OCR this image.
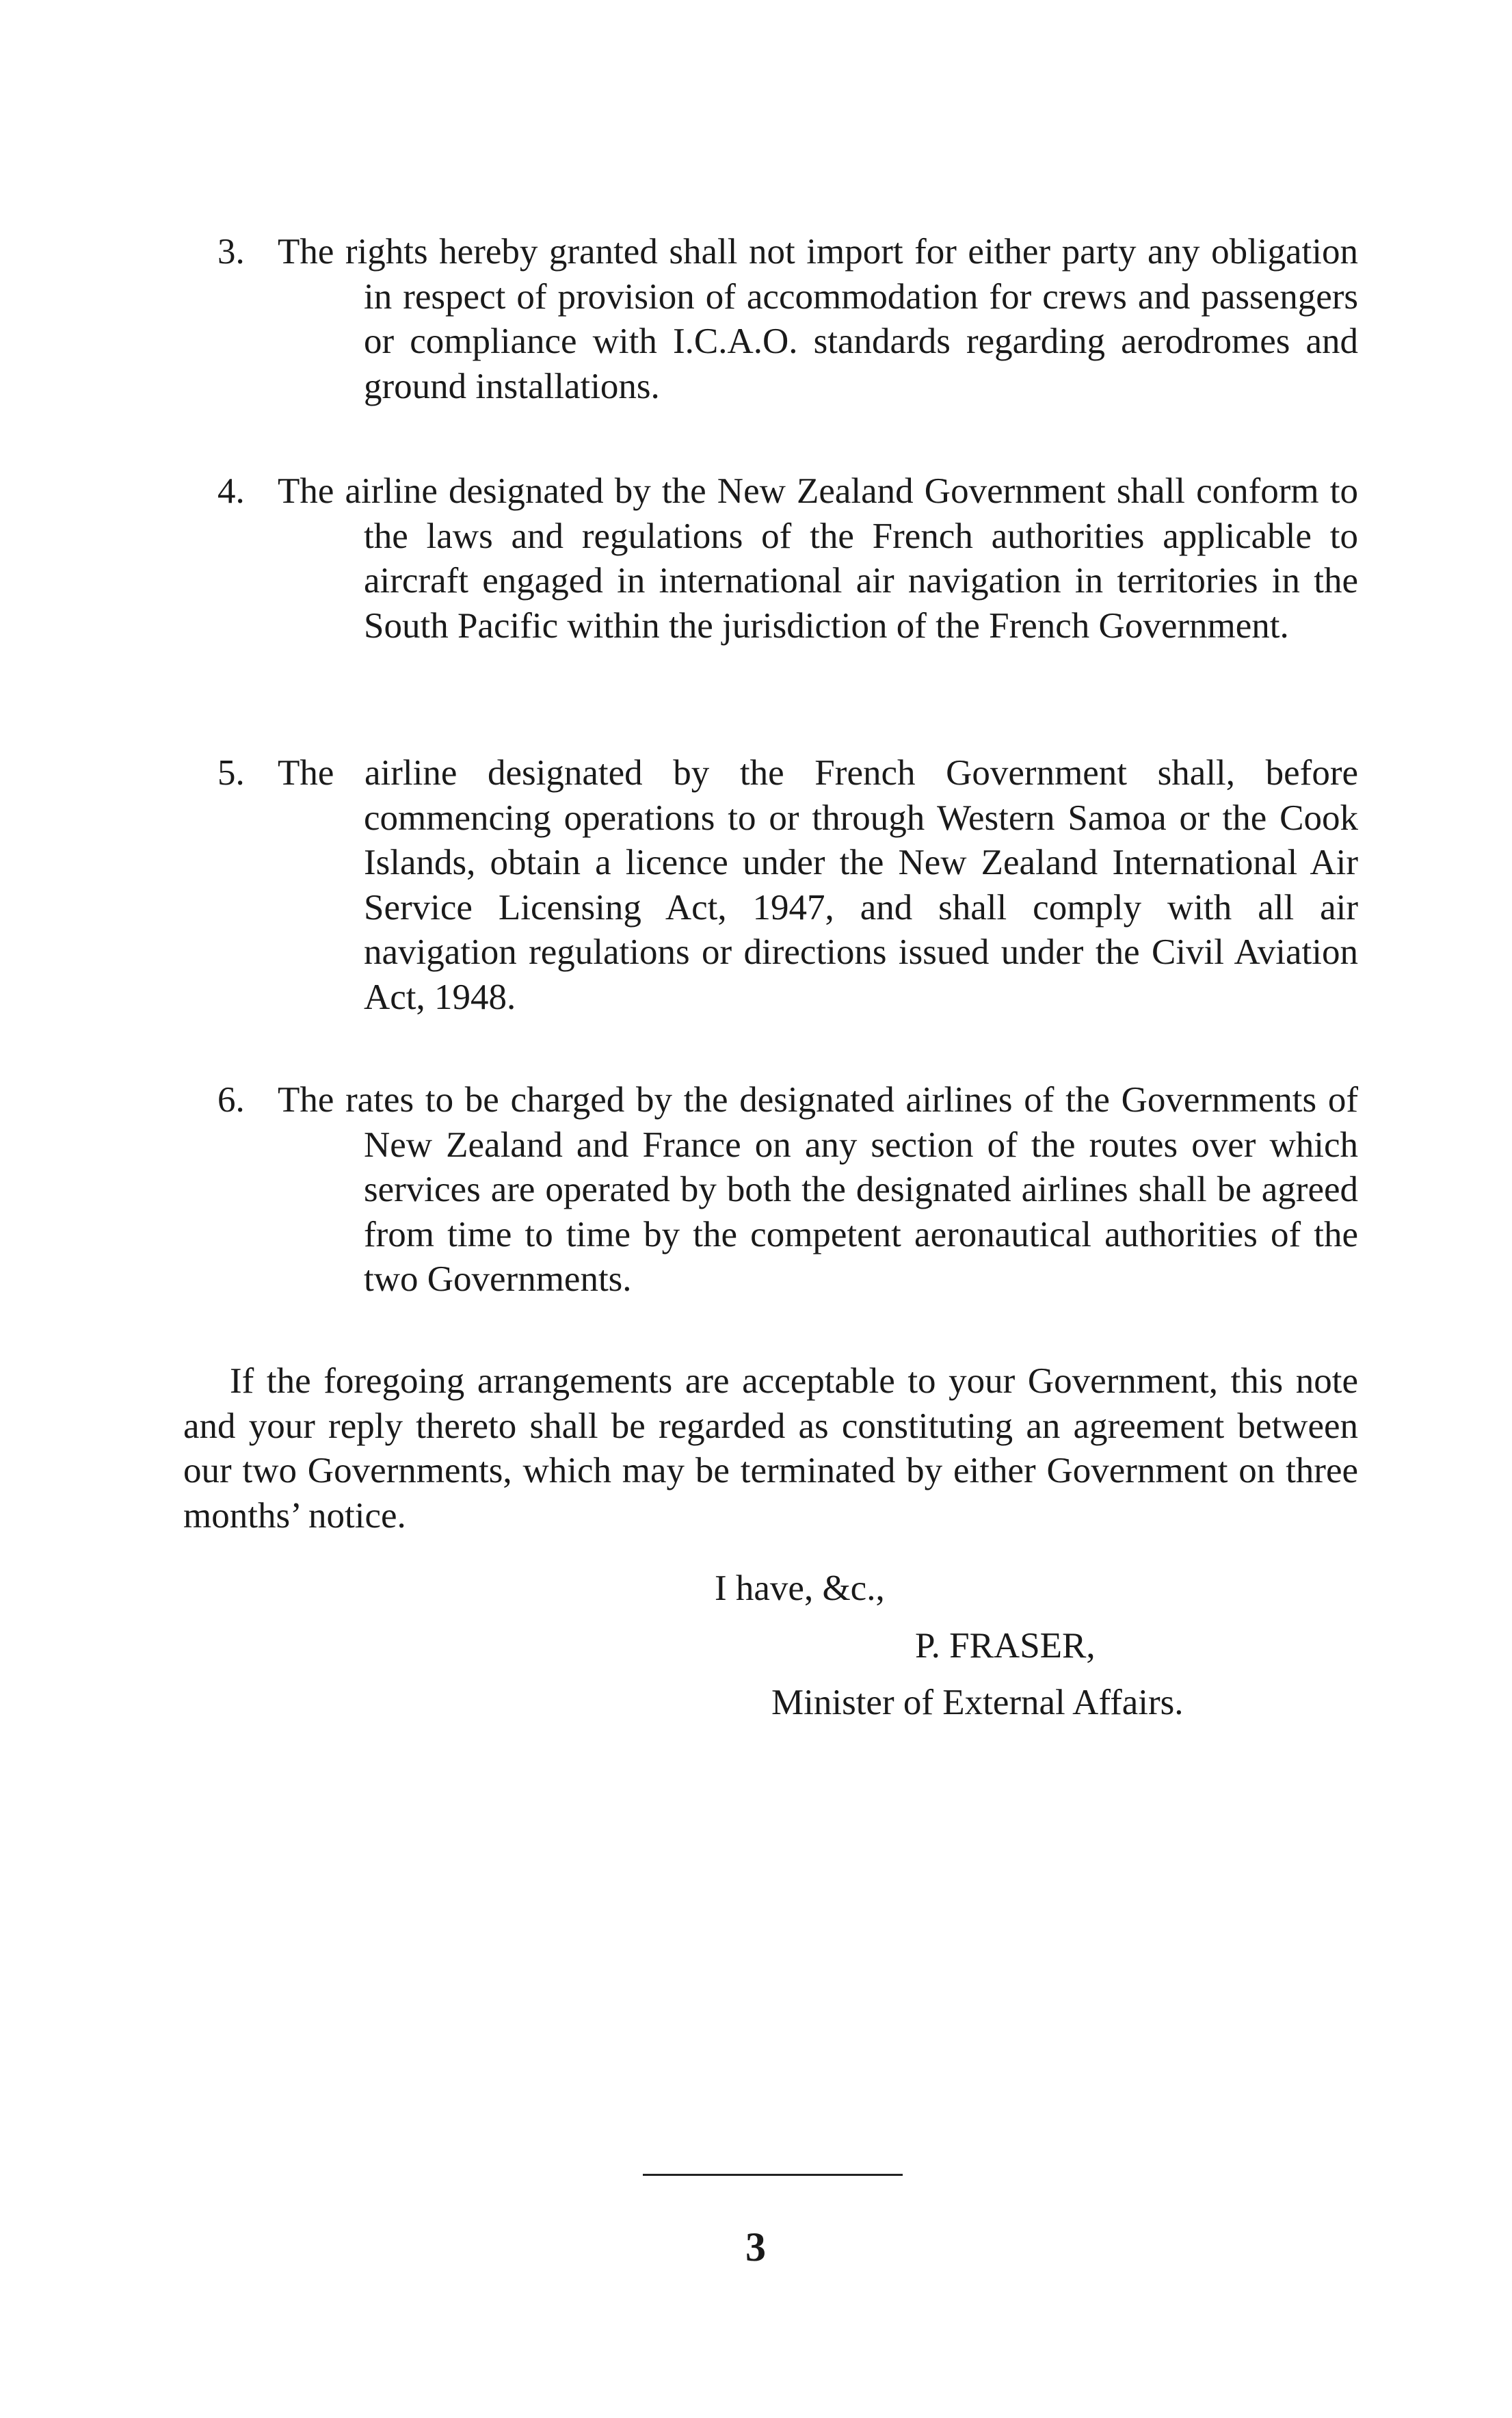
3. The rights hereby granted shall not import for either party any obligation in respect of provision of accommodation for crews and passengers or compliance with I.C.A.O. standards regarding aerodromes and ground installations.
4. The airline designated by the New Zealand Government shall conform to the laws and regulations of the French authorities applicable to aircraft engaged in international air navigation in territories in the South Pacific within the jurisdiction of the French Government.
5. The airline designated by the French Government shall, before commencing operations to or through Western Samoa or the Cook Islands, obtain a licence under the New Zealand International Air Service Licensing Act, 1947, and shall comply with all air navigation regulations or directions issued under the Civil Aviation Act, 1948.
6. The rates to be charged by the designated airlines of the Governments of New Zealand and France on any section of the routes over which services are operated by both the designated airlines shall be agreed from time to time by the competent aeronautical authorities of the two Governments.

If the foregoing arrangements are acceptable to your Government, this note and your reply thereto shall be regarded as constituting an agreement between our two Governments, which may be terminated by either Government on three months’ notice.

I have, &c.,

P. FRASER,

Minister of External Affairs.

3
